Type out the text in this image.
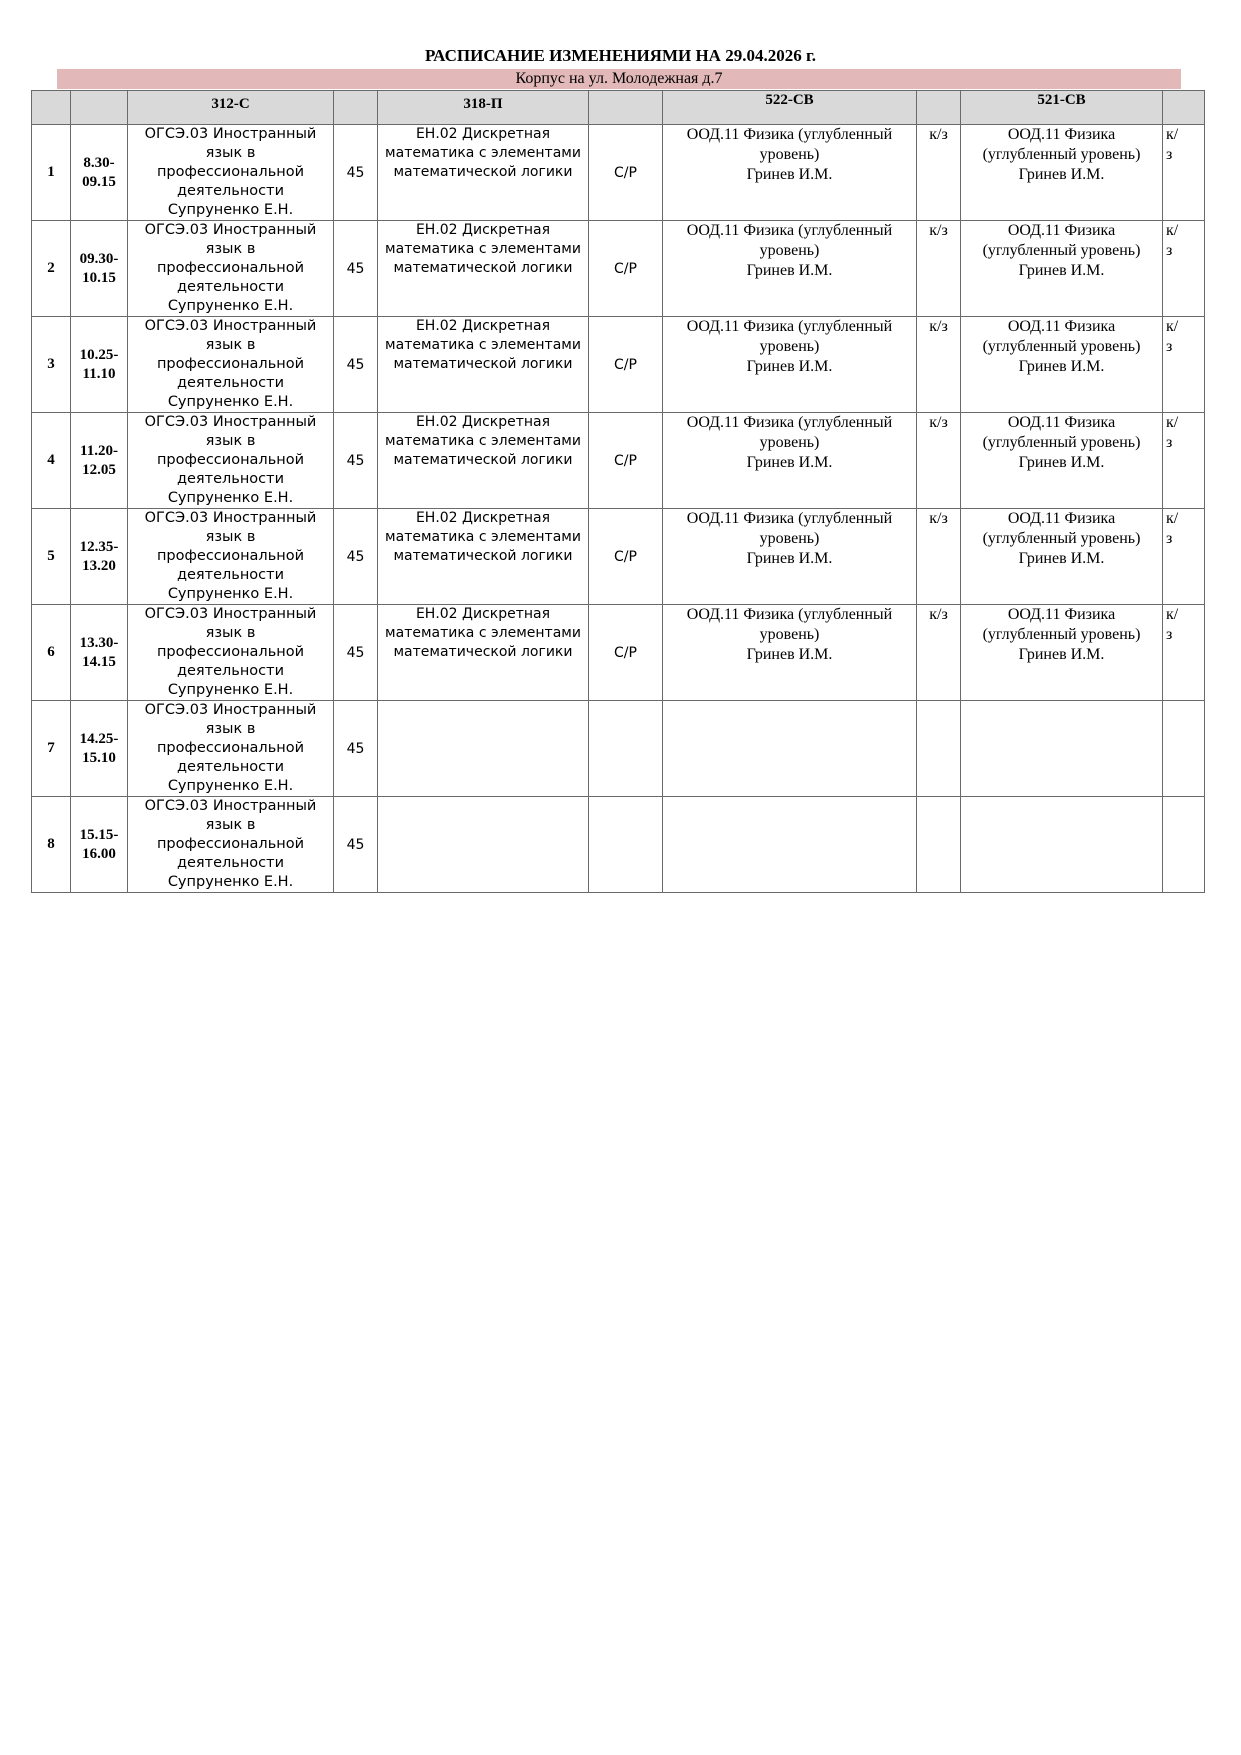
РАСПИСАНИЕ ИЗМЕНЕНИЯМИ НА 29.04.2026 г.
Корпус на ул. Молодежная д.7
		312-С		318-П		522-СВ		521-СВ	

1	8.30-
09.15	ОГСЭ.03 Иностранный
язык в профессиональной
деятельности
Супруненко Е.Н.	45	ЕН.02 Дискретная
математика с элементами
математической логики	С/Р	ООД.11 Физика (углубленный
уровень)
Гринев И.М.	к/з	ООД.11 Физика
(углубленный уровень)
Гринев И.М.	к/
з

2	09.30-
10.15	ОГСЭ.03 Иностранный
язык в профессиональной
деятельности
Супруненко Е.Н.	45	ЕН.02 Дискретная
математика с элементами
математической логики	С/Р	ООД.11 Физика (углубленный
уровень)
Гринев И.М.	к/з	ООД.11 Физика
(углубленный уровень)
Гринев И.М.	к/
з

3	10.25-
11.10	ОГСЭ.03 Иностранный
язык в профессиональной
деятельности
Супруненко Е.Н.	45	ЕН.02 Дискретная
математика с элементами
математической логики	С/Р	ООД.11 Физика (углубленный
уровень)
Гринев И.М.	к/з	ООД.11 Физика
(углубленный уровень)
Гринев И.М.	к/
з

4	11.20-
12.05	ОГСЭ.03 Иностранный
язык в профессиональной
деятельности
Супруненко Е.Н.	45	ЕН.02 Дискретная
математика с элементами
математической логики	С/Р	ООД.11 Физика (углубленный
уровень)
Гринев И.М.	к/з	ООД.11 Физика
(углубленный уровень)
Гринев И.М.	к/
з

5	12.35-
13.20	ОГСЭ.03 Иностранный
язык в профессиональной
деятельности
Супруненко Е.Н.	45	ЕН.02 Дискретная
математика с элементами
математической логики	С/Р	ООД.11 Физика (углубленный
уровень)
Гринев И.М.	к/з	ООД.11 Физика
(углубленный уровень)
Гринев И.М.	к/
з

6	13.30-
14.15	ОГСЭ.03 Иностранный
язык в профессиональной
деятельности
Супруненко Е.Н.	45	ЕН.02 Дискретная
математика с элементами
математической логики	С/Р	ООД.11 Физика (углубленный
уровень)
Гринев И.М.	к/з	ООД.11 Физика
(углубленный уровень)
Гринев И.М.	к/
з

7	14.25-
15.10	ОГСЭ.03 Иностранный
язык в профессиональной
деятельности
Супруненко Е.Н.	45						

8	15.15-
16.00	ОГСЭ.03 Иностранный
язык в профессиональной
деятельности
Супруненко Е.Н.	45						
